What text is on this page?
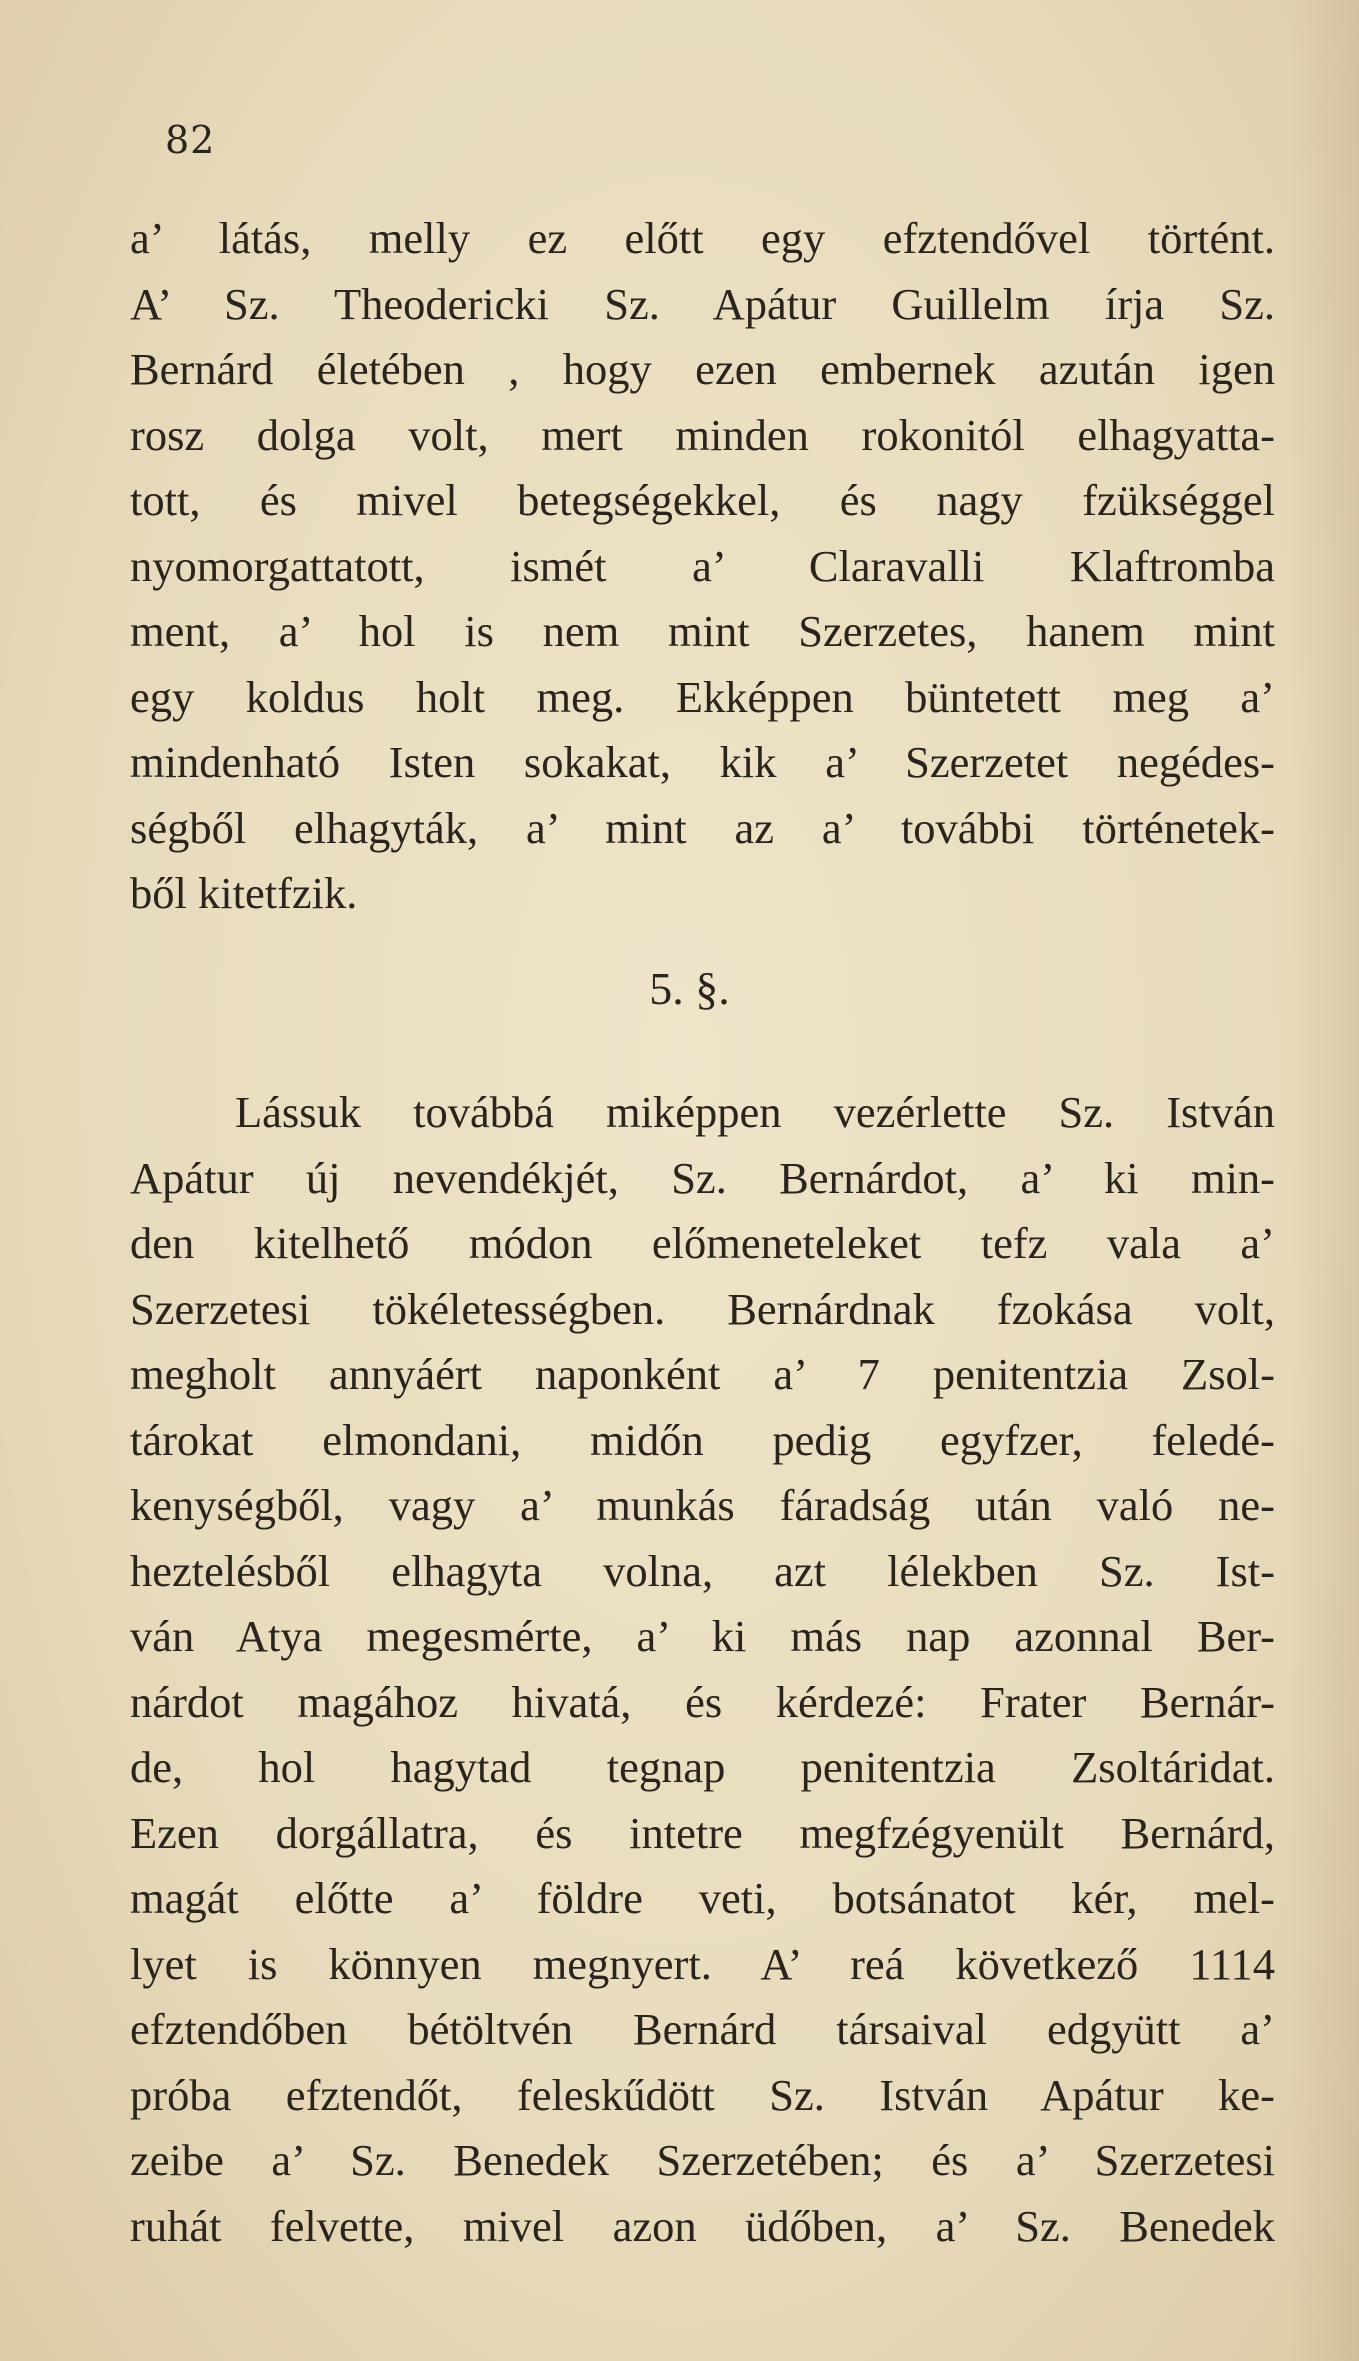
82
a’ látás, melly ez előtt egy efztendővel történt.
A’ Sz. Theodericki Sz. Apátur Guillelm írja Sz.
Bernárd életében , hogy ezen embernek azután igen
rosz dolga volt, mert minden rokonitól elhagyatta-
tott, és mivel betegségekkel, és nagy fzükséggel
nyomorgattatott, ismét a’ Claravalli Klaftromba
ment, a’ hol is nem mint Szerzetes, hanem mint
egy koldus holt meg. Ekképpen büntetett meg a’
mindenható Isten sokakat, kik a’ Szerzetet negédes-
ségből elhagyták, a’ mint az a’ további történetek-
ből kitetfzik.
5. §.
Lássuk továbbá miképpen vezérlette Sz. István
Apátur új nevendékjét, Sz. Bernárdot, a’ ki min-
den kitelhető módon előmeneteleket tefz vala a’
Szerzetesi tökéletességben. Bernárdnak fzokása volt,
megholt annyáért naponként a’ 7 penitentzia Zsol-
tárokat elmondani, midőn pedig egyfzer, feledé-
kenységből, vagy a’ munkás fáradság után való ne-
heztelésből elhagyta volna, azt lélekben Sz. Ist-
ván Atya megesmérte, a’ ki más nap azonnal Ber-
nárdot magához hivatá, és kérdezé: Frater Bernár-
de, hol hagytad tegnap penitentzia Zsoltáridat.
Ezen dorgállatra, és intetre megfzégyenült Bernárd,
magát előtte a’ földre veti, botsánatot kér, mel-
lyet is könnyen megnyert. A’ reá következő 1114
efztendőben bétöltvén Bernárd társaival edgyütt a’
próba efztendőt, feleskűdött Sz. István Apátur ke-
zeibe a’ Sz. Benedek Szerzetében; és a’ Szerzetesi
ruhát felvette, mivel azon üdőben, a’ Sz. Benedek
